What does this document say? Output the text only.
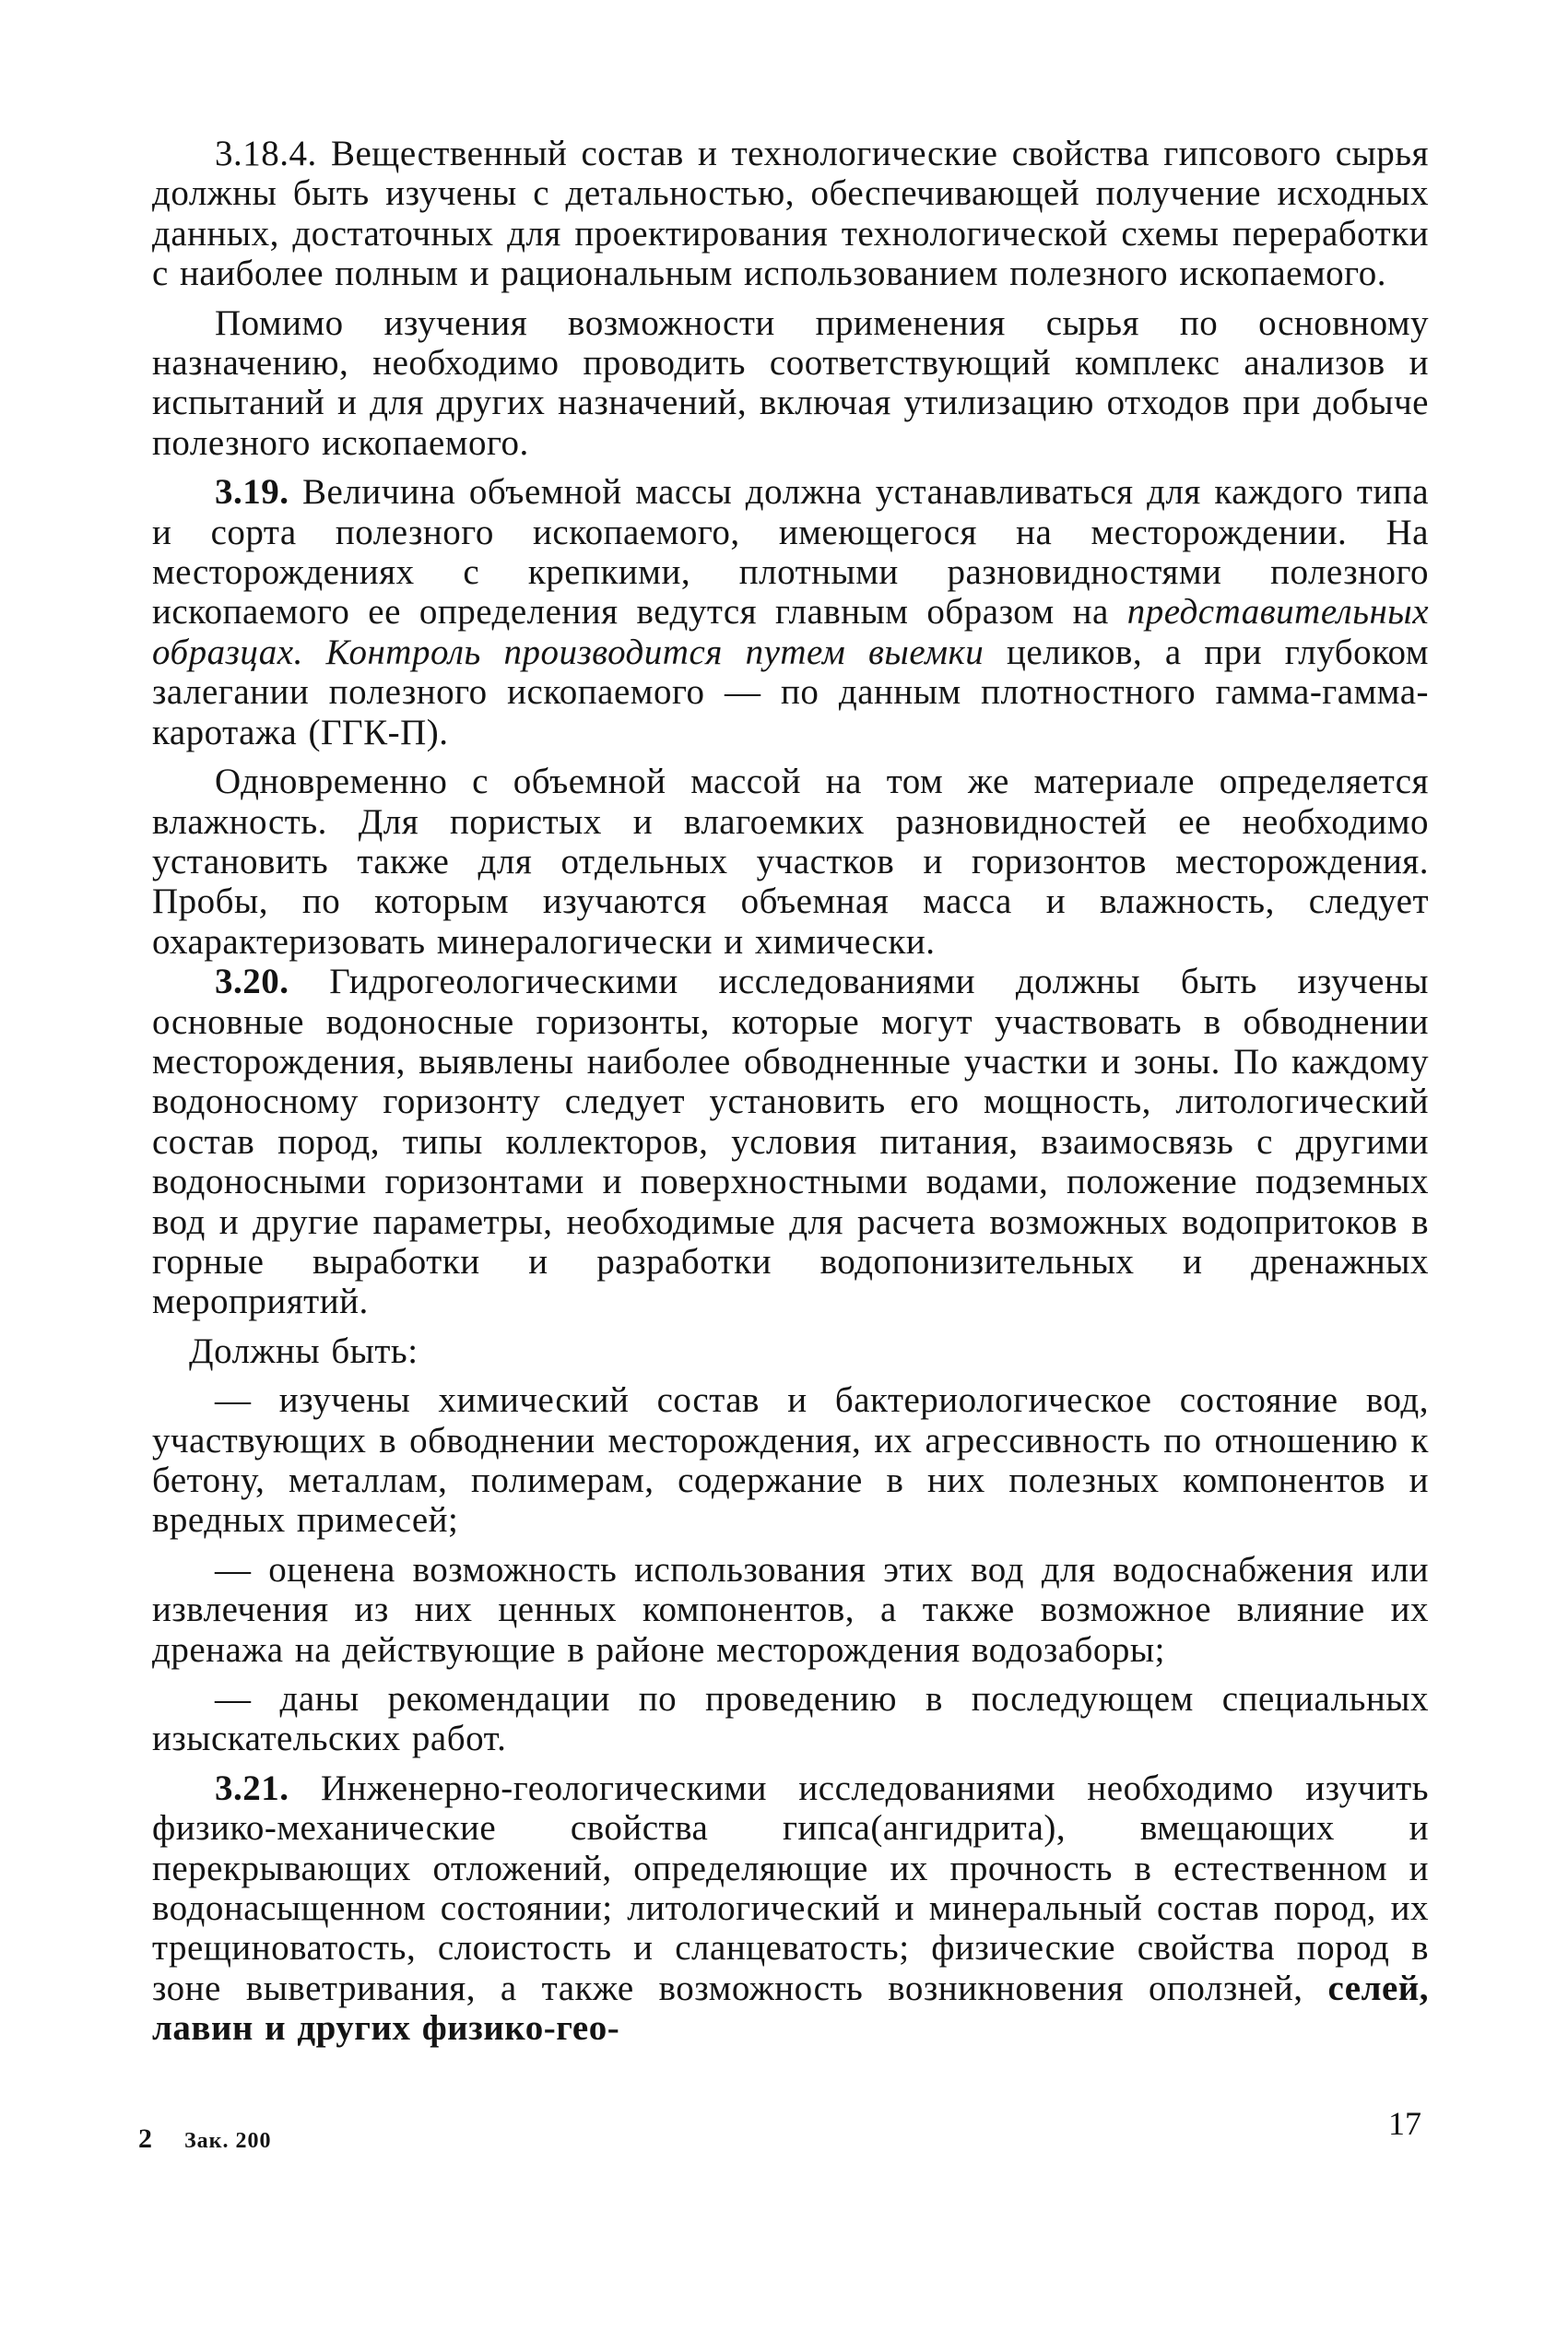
3.18.4. Вещественный состав и технологические свойства гипсового сырья должны быть изучены с детальностью, обеспечивающей получение исходных данных, достаточных для проектирования технологической схемы переработки с наиболее полным и рациональным использованием полезного ископаемого.

Помимо изучения возможности применения сырья по основному назначению, необходимо проводить соответствующий комплекс анализов и испытаний и для других назначений, включая утилизацию отходов при добыче полезного ископаемого.

3.19. Величина объемной массы должна устанавливаться для каждого типа и сорта полезного ископаемого, имеющегося на месторождении. На месторождениях с крепкими, плотными разновидностями полезного ископаемого ее определения ведутся главным образом на представительных образцах. Контроль производится путем выемки целиков, а при глубоком залегании полезного ископаемого — по данным плотностного гамма-гамма-каротажа (ГГК-П).

Одновременно с объемной массой на том же материале определяется влажность. Для пористых и влагоемких разновидностей ее необходимо установить также для отдельных участков и горизонтов месторождения. Пробы, по которым изучаются объемная масса и влажность, следует охарактеризовать минералогически и химически.

3.20. Гидрогеологическими исследованиями должны быть изучены основные водоносные горизонты, которые могут участвовать в обводнении месторождения, выявлены наиболее обводненные участки и зоны. По каждому водоносному горизонту следует установить его мощность, литологический состав пород, типы коллекторов, условия питания, взаимосвязь с другими водоносными горизонтами и поверхностными водами, положение подземных вод и другие параметры, необходимые для расчета возможных водопритоков в горные выработки и разработки водопонизительных и дренажных мероприятий.

Должны быть:

— изучены химический состав и бактериологическое состояние вод, участвующих в обводнении месторождения, их агрессивность по отношению к бетону, металлам, полимерам, содержание в них полезных компонентов и вредных примесей;

— оценена возможность использования этих вод для водоснабжения или извлечения из них ценных компонентов, а также возможное влияние их дренажа на действующие в районе месторождения водозаборы;

— даны рекомендации по проведению в последующем специальных изыскательских работ.

3.21. Инженерно-геологическими исследованиями необходимо изучить физико-механические свойства гипса(ангидрита), вмещающих и перекрывающих отложений, определяющие их прочность в естественном и водонасыщенном состоянии; литологический и минеральный состав пород, их трещиноватость, слоистость и сланцеватость; физические свойства пород в зоне выветривания, а также возможность возникновения оползней, селей, лавин и других физико-гео-

2 Зак. 200	17
